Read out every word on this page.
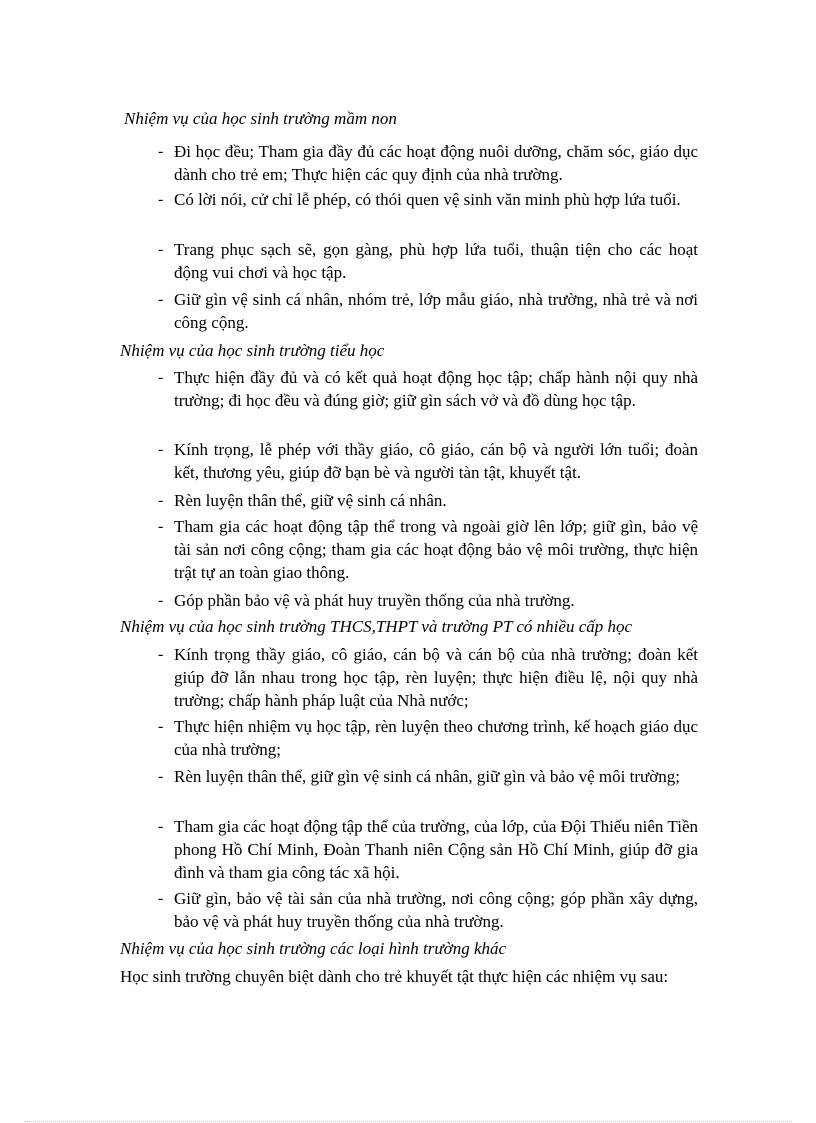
Nhiệm vụ của học sinh trường mầm non
- Đi học đều; Tham gia đầy đủ các hoạt động nuôi dưỡng, chăm sóc, giáo dục dành cho trẻ em; Thực hiện các quy định của nhà trường.
- Có lời nói, cử chỉ lễ phép, có thói quen vệ sinh văn minh phù hợp lứa tuổi.
- Trang phục sạch sẽ, gọn gàng, phù hợp lứa tuổi, thuận tiện cho các hoạt động vui chơi và học tập.
- Giữ gìn vệ sinh cá nhân, nhóm trẻ, lớp mẫu giáo, nhà trường, nhà trẻ và nơi công cộng.
Nhiệm vụ của học sinh trường tiểu học
- Thực hiện đầy đủ và có kết quả hoạt động học tập; chấp hành nội quy nhà trường; đi học đều và đúng giờ; giữ gìn sách vở và đồ dùng học tập.
- Kính trọng, lễ phép với thầy giáo, cô giáo, cán bộ và người lớn tuổi; đoàn kết, thương yêu, giúp đỡ bạn bè và người tàn tật, khuyết tật.
- Rèn luyện thân thể, giữ vệ sinh cá nhân.
- Tham gia các hoạt động tập thể trong và ngoài giờ lên lớp; giữ gìn, bảo vệ tài sản nơi công cộng; tham gia các hoạt động bảo vệ môi trường, thực hiện trật tự an toàn giao thông.
- Góp phần bảo vệ và phát huy truyền thống của nhà trường.
Nhiệm vụ của học sinh trường THCS,THPT và trường PT có nhiều cấp học
- Kính trọng thầy giáo, cô giáo, cán bộ và cán bộ của nhà trường; đoàn kết giúp đỡ lẫn nhau trong học tập, rèn luyện; thực hiện điều lệ, nội quy nhà trường; chấp hành pháp luật của Nhà nước;
- Thực hiện nhiệm vụ học tập, rèn luyện theo chương trình, kế hoạch giáo dục của nhà trường;
- Rèn luyện thân thể, giữ gìn vệ sinh cá nhân, giữ gìn và bảo vệ môi trường;
- Tham gia các hoạt động tập thể của trường, của lớp, của Đội Thiếu niên Tiền phong Hồ Chí Minh, Đoàn Thanh niên Cộng sản Hồ Chí Minh, giúp đỡ gia đình và tham gia công tác xã hội.
- Giữ gìn, bảo vệ tài sản của nhà trường, nơi công cộng; góp phần xây dựng, bảo vệ và phát huy truyền thống của nhà trường.
Nhiệm vụ của học sinh trường các loại hình trường khác
Học sinh trường chuyên biệt dành cho trẻ khuyết tật thực hiện các nhiệm vụ sau:
